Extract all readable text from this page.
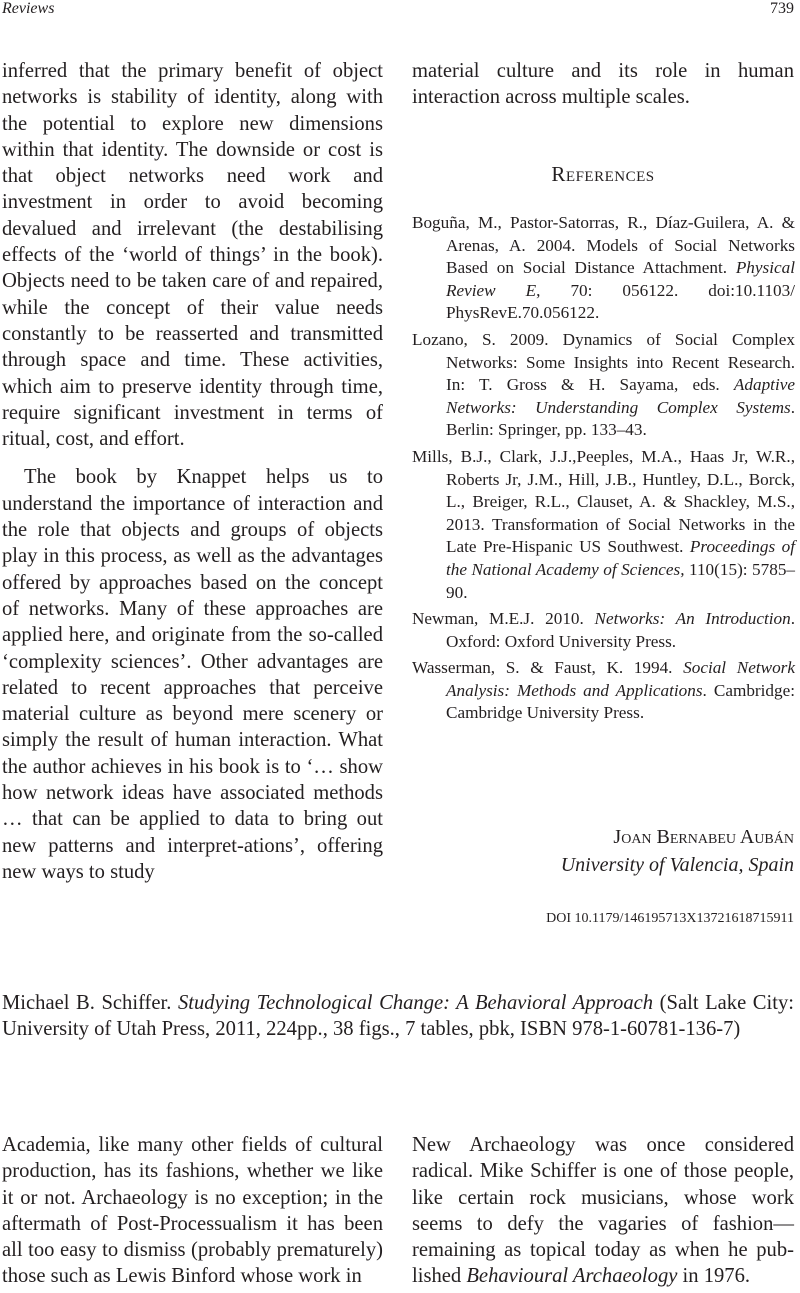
Reviews	739

inferred that the primary benefit of object networks is stability of identity, along with the potential to explore new dimensions within that identity. The downside or cost is that object networks need work and investment in order to avoid becoming devalued and irrelevant (the destabilising effects of the ‘world of things’ in the book). Objects need to be taken care of and repaired, while the concept of their value needs constantly to be reasserted and transmitted through space and time. These activities, which aim to preserve identity through time, require significant investment in terms of ritual, cost, and effort.

The book by Knappet helps us to understand the importance of interaction and the role that objects and groups of objects play in this process, as well as the advantages offered by approaches based on the concept of networks. Many of these approaches are applied here, and originate from the so-called ‘complexity sciences’. Other advantages are related to recent approaches that perceive material culture as beyond mere scenery or simply the result of human interaction. What the author achieves in his book is to ‘… show how network ideas have associated methods … that can be applied to data to bring out new patterns and interpret-ations’, offering new ways to study

material culture and its role in human interaction across multiple scales.

References

Boguña, M., Pastor-Satorras, R., Díaz-Guilera, A. & Arenas, A. 2004. Models of Social Networks Based on Social Distance Attachment. Physical Review E, 70: 056122. doi:10.1103/ PhysRevE.70.056122.

Lozano, S. 2009. Dynamics of Social Complex Networks: Some Insights into Recent Research. In: T. Gross & H. Sayama, eds. Adaptive Networks: Understanding Complex Systems. Berlin: Springer, pp. 133–43.

Mills, B.J., Clark, J.J.,Peeples, M.A., Haas Jr, W.R., Roberts Jr, J.M., Hill, J.B., Huntley, D.L., Borck, L., Breiger, R.L., Clauset, A. & Shackley, M.S., 2013. Transformation of Social Networks in the Late Pre-Hispanic US Southwest. Proceedings of the National Academy of Sciences, 110(15): 5785–90.

Newman, M.E.J. 2010. Networks: An Introduction. Oxford: Oxford University Press.

Wasserman, S. & Faust, K. 1994. Social Network Analysis: Methods and Applications. Cambridge: Cambridge University Press.

Joan Bernabeu Aubán
University of Valencia, Spain
DOI 10.1179/146195713X13721618715911
Michael B. Schiffer. Studying Technological Change: A Behavioral Approach (Salt Lake City: University of Utah Press, 2011, 224pp., 38 figs., 7 tables, pbk, ISBN 978-1-60781-136-7)

Academia, like many other fields of cultural production, has its fashions, whether we like it or not. Archaeology is no exception; in the aftermath of Post-Processualism it has been all too easy to dismiss (probably prematurely) those such as Lewis Binford whose work in

New Archaeology was once considered radical. Mike Schiffer is one of those people, like certain rock musicians, whose work seems to defy the vagaries of fashion— remaining as topical today as when he pub-lished Behavioural Archaeology in 1976.
